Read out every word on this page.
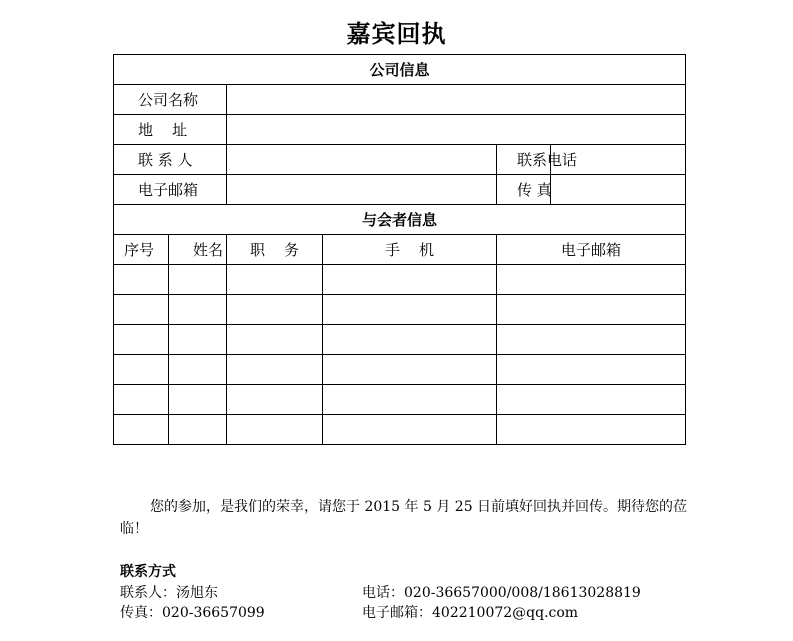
嘉宾回执
公司信息					
公司名称					
地    址					
联 系 人				联系电话	
电子邮箱				传 真	
与会者信息					
序号	姓名	职    务	手    机	电子邮箱	

您的参加，是我们的荣幸，请您于 2015 年 5 月 25 日前填好回执并回传。期待您的莅临！
联系方式
联系人：汤旭东	电话：020-36657000/008/18613028819
传真：020-36657099	电子邮箱：402210072@qq.com
